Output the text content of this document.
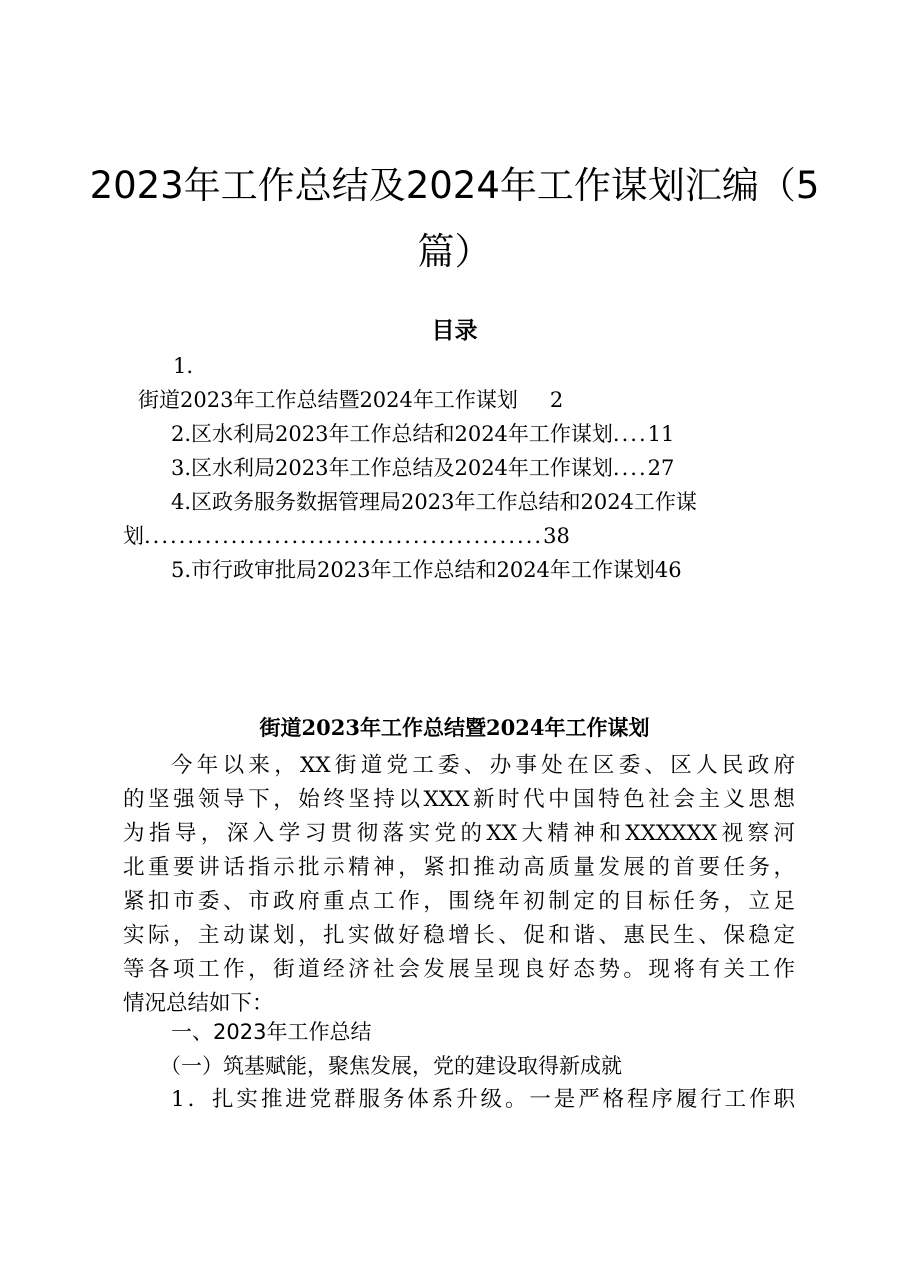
2023年工作总结及2024年工作谋划汇编（5
篇）
目录
1.
街道2023年工作总结暨2024年工作谋划 2
2.区水利局2023年工作总结和2024年工作谋划....11
3.区水利局2023年工作总结及2024年工作谋划....27
4.区政务服务数据管理局2023年工作总结和2024工作谋
划..............................................38
5.市行政审批局2023年工作总结和2024年工作谋划46
街道2023年工作总结暨2024年工作谋划
今年以来，XX街道党工委、办事处在区委、区人民政府
的坚强领导下，始终坚持以XXX新时代中国特色社会主义思想
为指导，深入学习贯彻落实党的XX大精神和XXXXXX视察河
北重要讲话指示批示精神，紧扣推动高质量发展的首要任务，
紧扣市委、市政府重点工作，围绕年初制定的目标任务，立足
实际，主动谋划，扎实做好稳增长、促和谐、惠民生、保稳定
等各项工作，街道经济社会发展呈现良好态势。现将有关工作
情况总结如下：
一、2023年工作总结
（一）筑基赋能，聚焦发展，党的建设取得新成就
1．扎实推进党群服务体系升级。一是严格程序履行工作职
